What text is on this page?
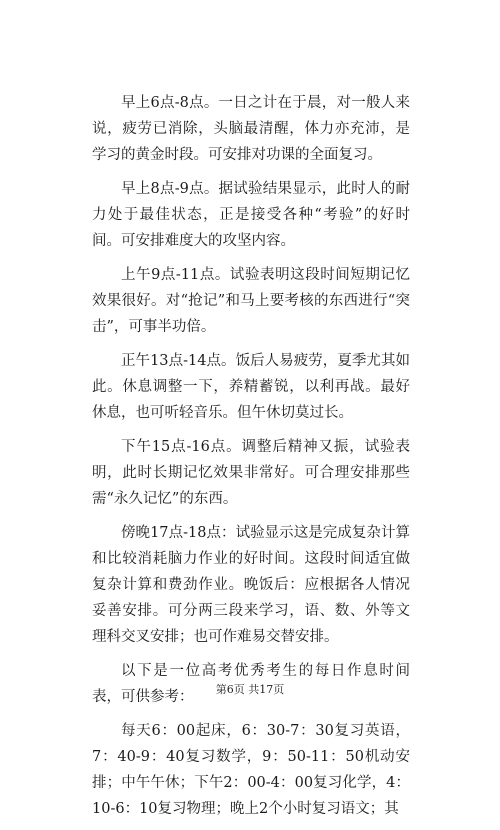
早上6点-8点。一日之计在于晨，对一般人来说，疲劳已消除，头脑最清醒，体力亦充沛，是学习的黄金时段。可安排对功课的全面复习。

早上8点-9点。据试验结果显示，此时人的耐力处于最佳状态，正是接受各种“考验”的好时间。可安排难度大的攻坚内容。

上午9点-11点。试验表明这段时间短期记忆效果很好。对“抢记”和马上要考核的东西进行“突击”，可事半功倍。

正午13点-14点。饭后人易疲劳，夏季尤其如此。休息调整一下，养精蓄锐，以利再战。最好休息，也可听轻音乐。但午休切莫过长。

下午15点-16点。调整后精神又振，试验表明，此时长期记忆效果非常好。可合理安排那些需“永久记忆”的东西。

傍晚17点-18点：试验显示这是完成复杂计算和比较消耗脑力作业的好时间。这段时间适宜做复杂计算和费劲作业。晚饭后：应根据各人情况妥善安排。可分两三段来学习，语、数、外等文理科交叉安排；也可作难易交替安排。

以下是一位高考优秀考生的每日作息时间表，可供参考：

每天6：00起床，6：30-7：30复习英语，7：40-9：40复习数学，9：50-11：50机动安排；中午午休；下午2：00-4：00复习化学，4：10-6：10复习物理；晚上2个小时复习语文；其

第6页 共17页
